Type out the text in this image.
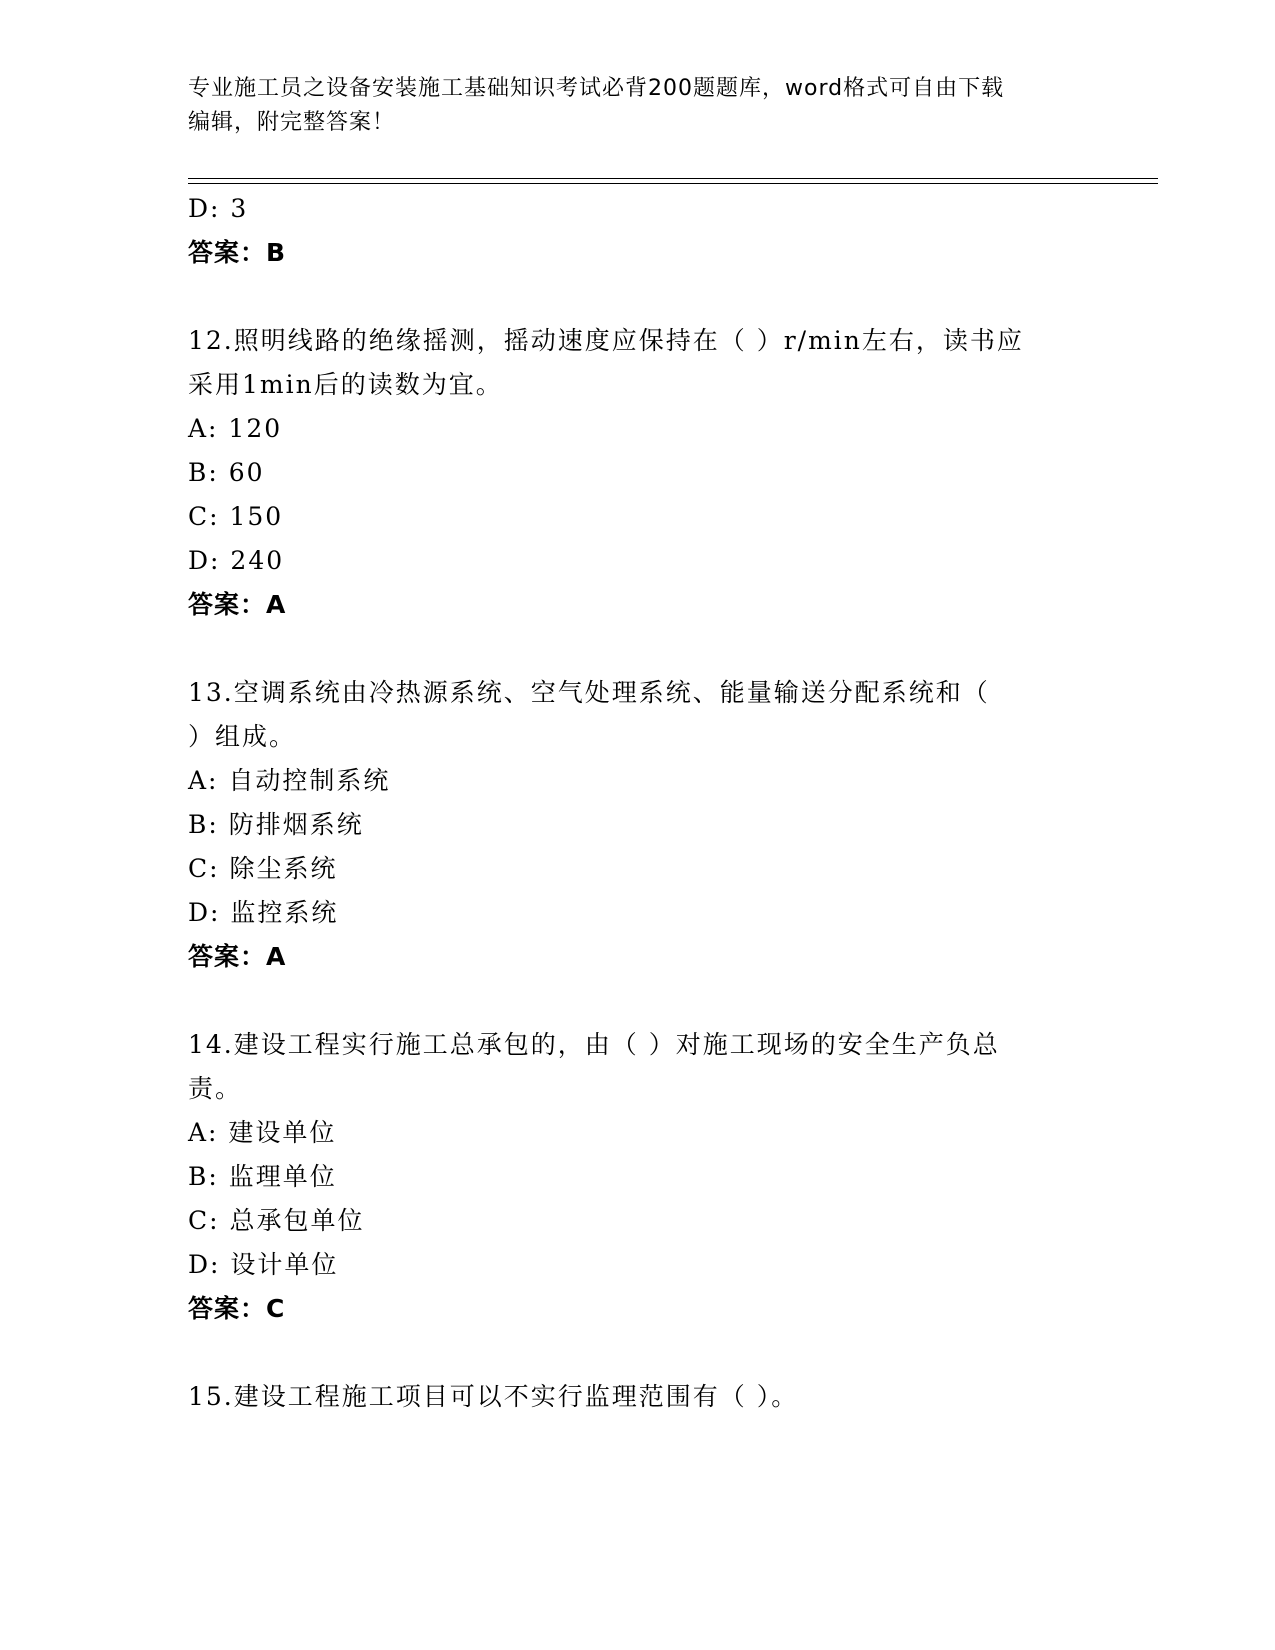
专业施工员之设备安装施工基础知识考试必背200题题库，word格式可自由下载
编辑，附完整答案！
D: 3
答案：B
12.照明线路的绝缘摇测，摇动速度应保持在（ ）r/min左右，读书应
采用1min后的读数为宜。
A: 120
B: 60
C: 150
D: 240
答案：A
13.空调系统由冷热源系统、空气处理系统、能量输送分配系统和（
）组成。
A: 自动控制系统
B: 防排烟系统
C: 除尘系统
D: 监控系统
答案：A
14.建设工程实行施工总承包的，由（ ）对施工现场的安全生产负总
责。
A: 建设单位
B: 监理单位
C: 总承包单位
D: 设计单位
答案：C
15.建设工程施工项目可以不实行监理范围有（ ）。
